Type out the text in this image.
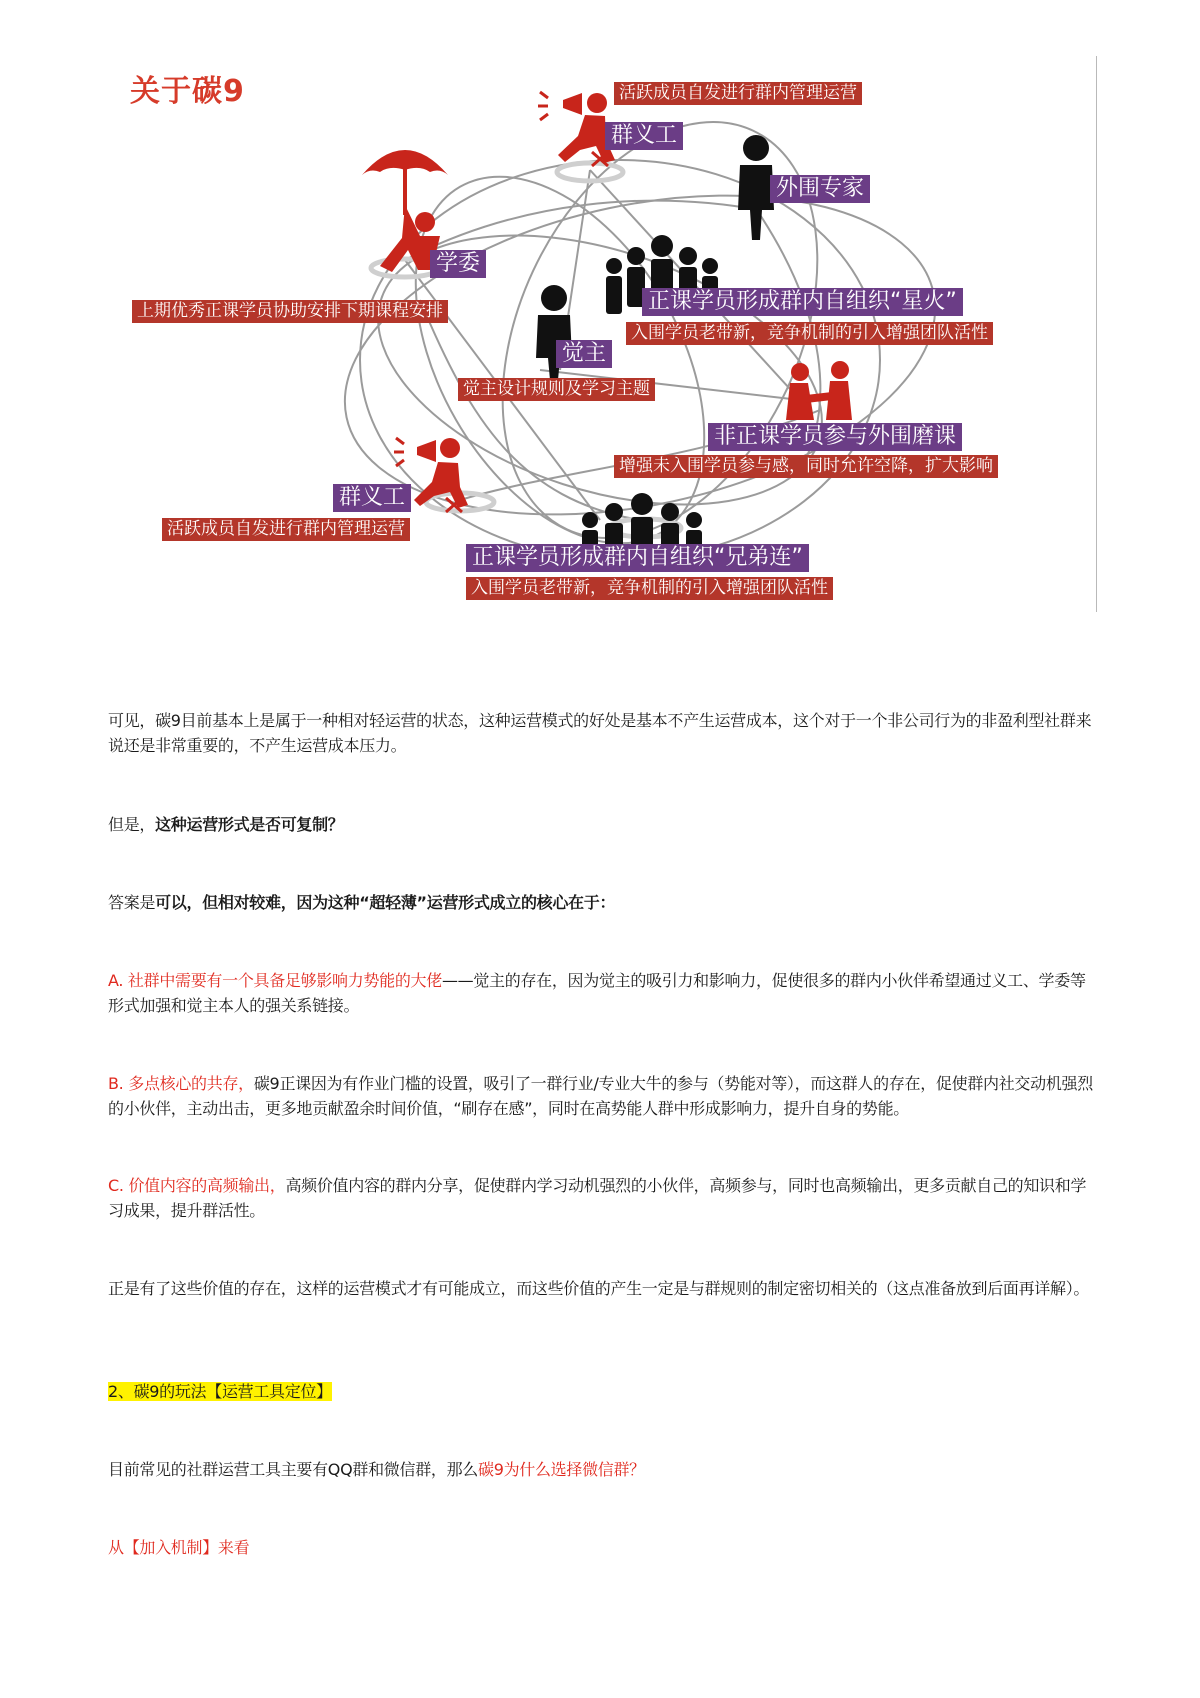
关于碳9	活跃成员自发进行群内管理运营
群义工
外围专家
学委
上期优秀正课学员协助安排下期课程安排	正课学员形成群内自组织“星火”
入围学员老带新，竞争机制的引入增强团队活性
觉主
觉主设计规则及学习主题
非正课学员参与外围磨课
增强未入围学员参与感，同时允许空降，扩大影响
群义工
活跃成员自发进行群内管理运营
正课学员形成群内自组织“兄弟连”
入围学员老带新，竞争机制的引入增强团队活性

可见，碳9目前基本上是属于一种相对轻运营的状态，这种运营模式的好处是基本不产生运营成本，这个对于一个非公司行为的非盈利型社群来说还是非常重要的，不产生运营成本压力。

但是，这种运营形式是否可复制？

答案是可以，但相对较难，因为这种“超轻薄”运营形式成立的核心在于：

A. 社群中需要有一个具备足够影响力势能的大佬——觉主的存在，因为觉主的吸引力和影响力，促使很多的群内小伙伴希望通过义工、学委等形式加强和觉主本人的强关系链接。

B. 多点核心的共存，碳9正课因为有作业门槛的设置，吸引了一群行业/专业大牛的参与（势能对等），而这群人的存在，促使群内社交动机强烈的小伙伴，主动出击，更多地贡献盈余时间价值，“刷存在感”，同时在高势能人群中形成影响力，提升自身的势能。

C. 价值内容的高频输出，高频价值内容的群内分享，促使群内学习动机强烈的小伙伴，高频参与，同时也高频输出，更多贡献自己的知识和学习成果，提升群活性。

正是有了这些价值的存在，这样的运营模式才有可能成立，而这些价值的产生一定是与群规则的制定密切相关的（这点准备放到后面再详解）。

2、碳9的玩法【运营工具定位】

目前常见的社群运营工具主要有QQ群和微信群，那么碳9为什么选择微信群？

从【加入机制】来看
